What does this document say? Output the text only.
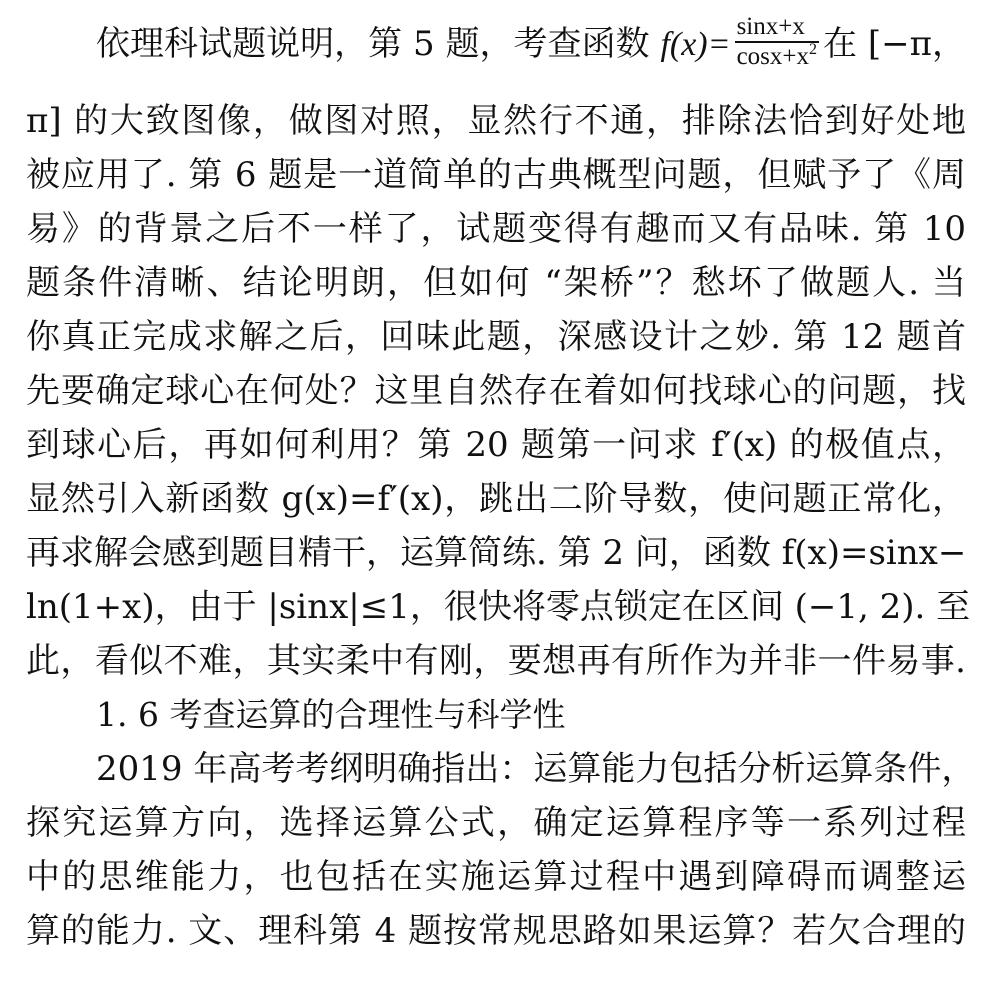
依理科试题说明，第 5 题，考查函数 $f(x)= \frac{\sin x+x}{\cos x+x^2}$ 在 [−π，
π] 的大致图像，做图对照，显然行不通，排除法恰到好处地
被应用了. 第 6 题是一道简单的古典概型问题，但赋予了《周
易》的背景之后不一样了，试题变得有趣而又有品味. 第 10
题条件清晰、结论明朗，但如何 “架桥”？愁坏了做题人. 当
你真正完成求解之后，回味此题，深感设计之妙. 第 12 题首
先要确定球心在何处？这里自然存在着如何找球心的问题，找
到球心后，再如何利用？第 20 题第一问求 f′(x) 的极值点，
显然引入新函数 g(x)=f′(x)，跳出二阶导数，使问题正常化，
再求解会感到题目精干，运算简练. 第 2 问，函数 f(x)=sinx−
ln(1+x)，由于 |sinx|≤1，很快将零点锁定在区间 (−1, 2). 至
此，看似不难，其实柔中有刚，要想再有所作为并非一件易事.
1. 6 考查运算的合理性与科学性
2019 年高考考纲明确指出：运算能力包括分析运算条件，
探究运算方向，选择运算公式，确定运算程序等一系列过程
中的思维能力，也包括在实施运算过程中遇到障碍而调整运
算的能力. 文、理科第 4 题按常规思路如果运算？若欠合理的
